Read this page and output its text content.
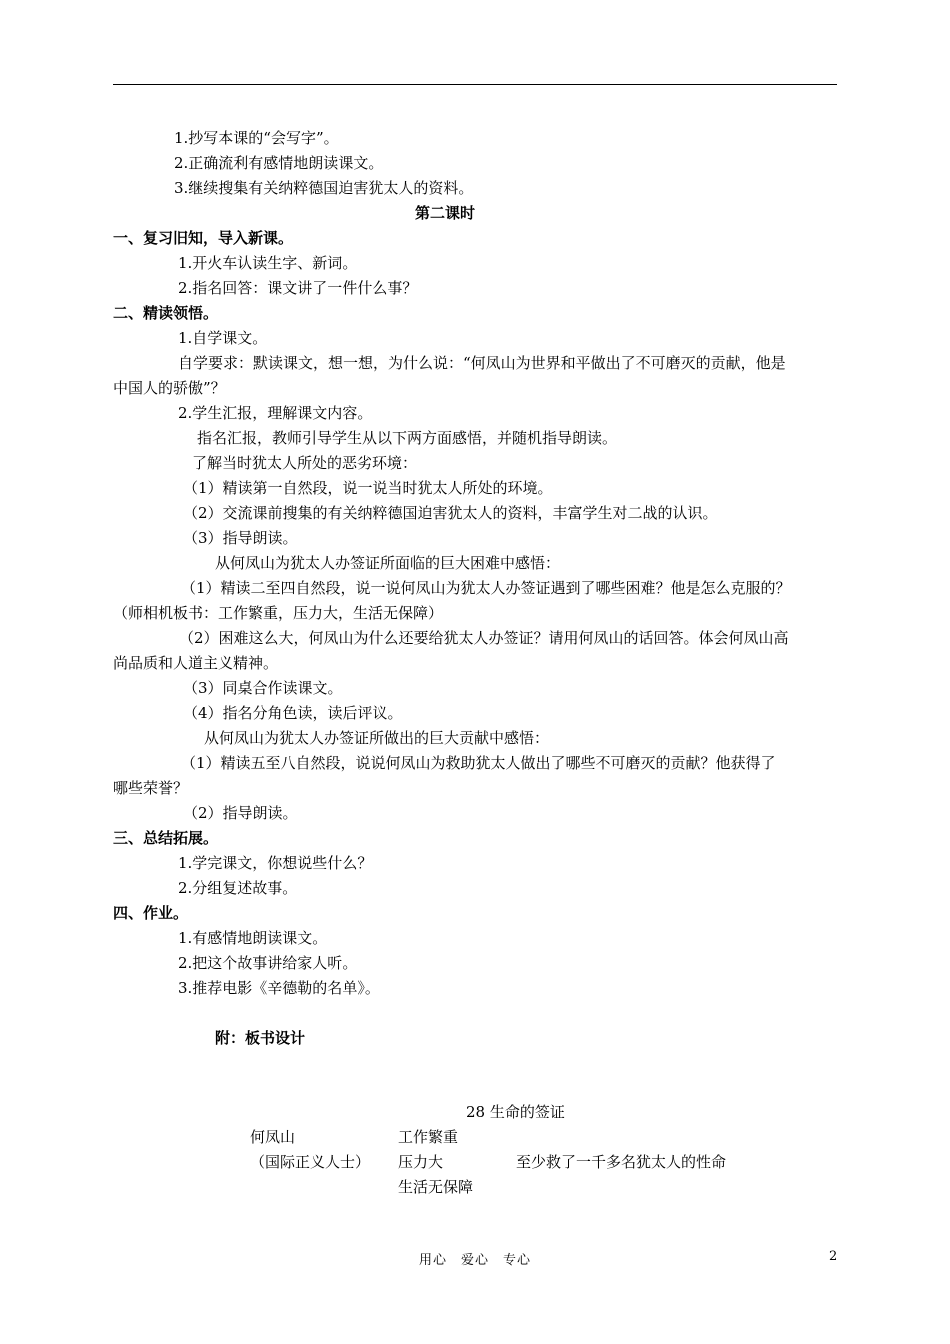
1.抄写本课的“会写字”。
2.正确流利有感情地朗读课文。
3.继续搜集有关纳粹德国迫害犹太人的资料。
第二课时
一、复习旧知，导入新课。
1.开火车认读生字、新词。
2.指名回答：课文讲了一件什么事？
二、精读领悟。
1.自学课文。
自学要求：默读课文，想一想，为什么说：“何凤山为世界和平做出了不可磨灭的贡献，他是
中国人的骄傲”？
2.学生汇报，理解课文内容。
指名汇报，教师引导学生从以下两方面感悟，并随机指导朗读。
了解当时犹太人所处的恶劣环境：
（1）精读第一自然段，说一说当时犹太人所处的环境。
（2）交流课前搜集的有关纳粹德国迫害犹太人的资料，丰富学生对二战的认识。
（3）指导朗读。
从何凤山为犹太人办签证所面临的巨大困难中感悟：
（1）精读二至四自然段，说一说何凤山为犹太人办签证遇到了哪些困难？他是怎么克服的？
（师相机板书：工作繁重，压力大，生活无保障）
（2）困难这么大，何凤山为什么还要给犹太人办签证？请用何凤山的话回答。体会何凤山高
尚品质和人道主义精神。
（3）同桌合作读课文。
（4）指名分角色读，读后评议。
从何凤山为犹太人办签证所做出的巨大贡献中感悟：
（1）精读五至八自然段，说说何凤山为救助犹太人做出了哪些不可磨灭的贡献？他获得了
哪些荣誉？
（2）指导朗读。
三、总结拓展。
1.学完课文，你想说些什么？
2.分组复述故事。
四、作业。
1.有感情地朗读课文。
2.把这个故事讲给家人听。
3.推荐电影《辛德勒的名单》。
附：板书设计
28 生命的签证
何凤山	工作繁重
（国际正义人士） 压力大	至少救了一千多名犹太人的性命
生活无保障
用心　爱心　专心	2
